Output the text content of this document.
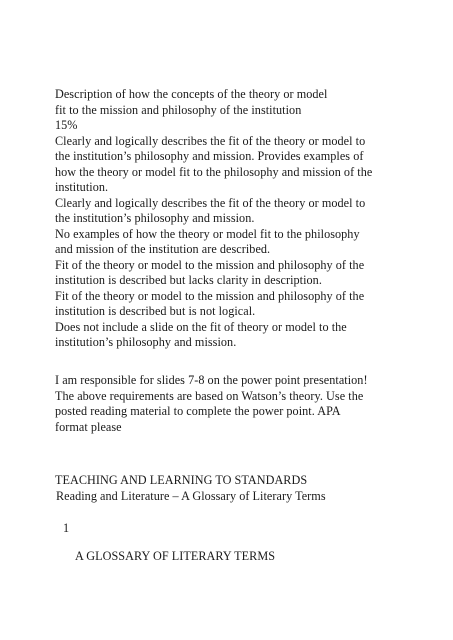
Description of how the concepts of the theory or model
fit to the mission and philosophy of the institution
15%
Clearly and logically describes the fit of the theory or model to
the institution’s philosophy and mission. Provides examples of
how the theory or model fit to the philosophy and mission of the
institution.
Clearly and logically describes the fit of the theory or model to
the institution’s philosophy and mission.
No examples of how the theory or model fit to the philosophy
and mission of the institution are described.
Fit of the theory or model to the mission and philosophy of the
institution is described but lacks clarity in description.
Fit of the theory or model to the mission and philosophy of the
institution is described but is not logical.
Does not include a slide on the fit of theory or model to the
institution’s philosophy and mission.
I am responsible for slides 7-8 on the power point presentation!
The above requirements are based on Watson’s theory. Use the
posted reading material to complete the power point. APA
format please
TEACHING AND LEARNING TO STANDARDS
Reading and Literature – A Glossary of Literary Terms
1
A GLOSSARY OF LITERARY TERMS
